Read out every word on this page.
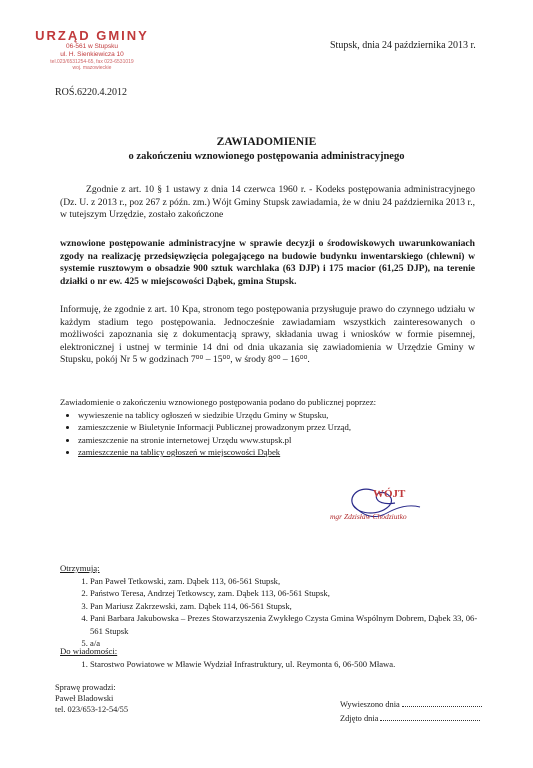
URZĄD GMINY
06-561 w Stupsku
ul. H. Sienkiewicza 10
tel.023/6531254-65, fax 023-6531019
woj. mazowieckie
Stupsk, dnia 24 października 2013 r.
ROŚ.6220.4.2012
ZAWIADOMIENIE
o zakończeniu wznowionego postępowania administracyjnego
Zgodnie z art. 10 § 1 ustawy z dnia 14 czerwca 1960 r. - Kodeks postępowania administracyjnego (Dz. U. z 2013 r., poz 267 z późn. zm.) Wójt Gminy Stupsk zawiadamia, że w dniu 24 października 2013 r., w tutejszym Urzędzie, zostało zakończone
wznowione postępowanie administracyjne w sprawie decyzji o środowiskowych uwarunkowaniach zgody na realizację przedsięwzięcia polegającego na budowie budynku inwentarskiego (chlewni) w systemie rusztowym o obsadzie 900 sztuk warchlaka (63 DJP) i 175 macior (61,25 DJP), na terenie działki o nr ew. 425 w miejscowości Dąbek, gmina Stupsk.
Informuję, że zgodnie z art. 10 Kpa, stronom tego postępowania przysługuje prawo do czynnego udziału w każdym stadium tego postępowania. Jednocześnie zawiadamiam wszystkich zainteresowanych o możliwości zapoznania się z dokumentacją sprawy, składania uwag i wniosków w formie pisemnej, elektronicznej i ustnej w terminie 14 dni od dnia ukazania się zawiadomienia w Urzędzie Gminy w Stupsku, pokój Nr 5 w godzinach 7⁰⁰ – 15⁰⁰, w środy 8⁰⁰ – 16⁰⁰.
Zawiadomienie o zakończeniu wznowionego postępowania podano do publicznej poprzez:
• wywieszenie na tablicy ogłoszeń w siedzibie Urzędu Gminy w Stupsku,
• zamieszczenie w Biuletynie Informacji Publicznej prowadzonym przez Urząd,
• zamieszczenie na stronie internetowej Urzędu www.stupsk.pl
• zamieszczenie na tablicy ogłoszeń w miejscowości Dąbek
WÓJT
mgr Zdzisław Chodziutko
Otrzymują:
1. Pan Paweł Tetkowski, zam. Dąbek 113, 06-561 Stupsk,
2. Państwo Teresa, Andrzej Tetkowscy, zam. Dąbek 113, 06-561 Stupsk,
3. Pan Mariusz Zakrzewski, zam. Dąbek 114, 06-561 Stupsk,
4. Pani Barbara Jakubowska – Prezes Stowarzyszenia Zwykłego Czysta Gmina Wspólnym Dobrem, Dąbek 33, 06-561 Stupsk
5. a/a
Do wiadomości:
1. Starostwo Powiatowe w Mławie Wydział Infrastruktury, ul. Reymonta 6, 06-500 Mława.
Sprawę prowadzi:
Paweł Bladowski
tel. 023/653-12-54/55
Wywieszono dnia
Zdjęto dnia
